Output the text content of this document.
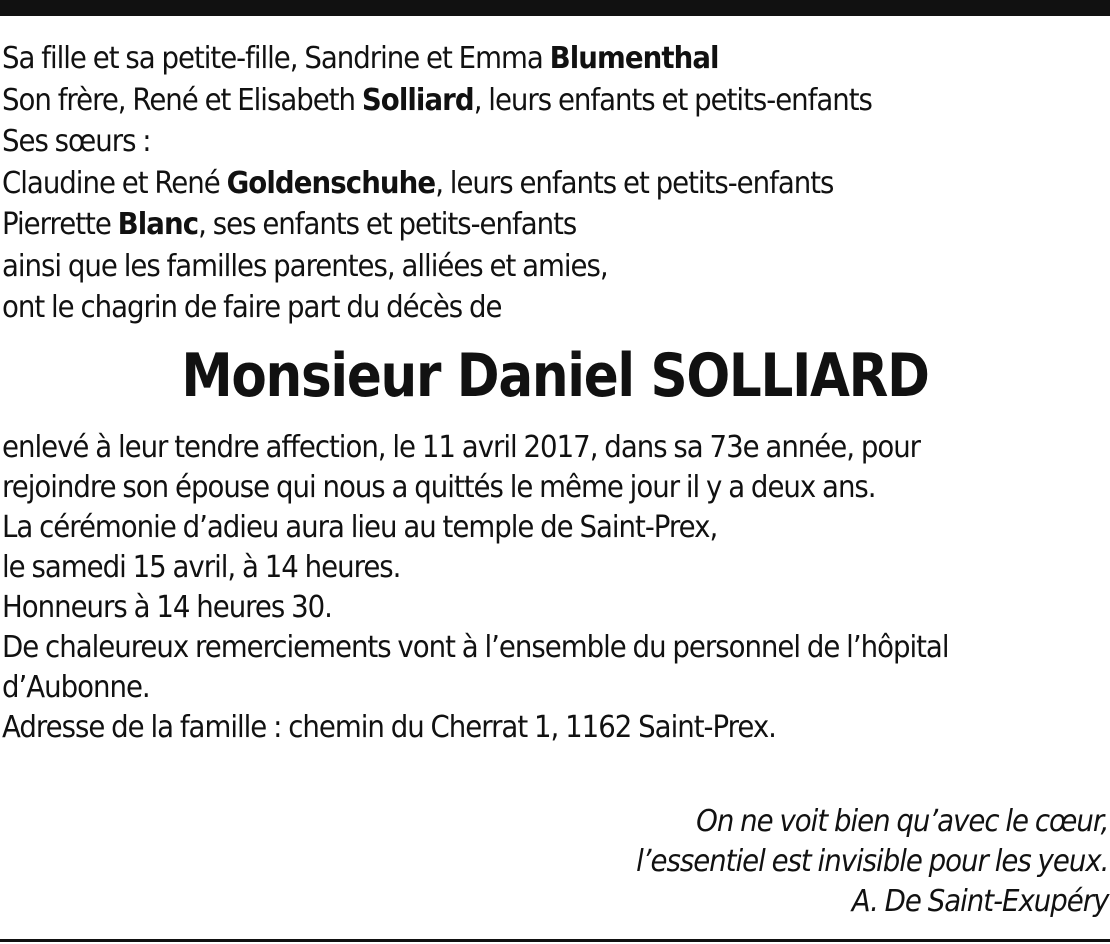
Sa fille et sa petite-fille, Sandrine et Emma Blumenthal
Son frère, René et Elisabeth Solliard, leurs enfants et petits-enfants
Ses sœurs :
Claudine et René Goldenschuhe, leurs enfants et petits-enfants
Pierrette Blanc, ses enfants et petits-enfants
ainsi que les familles parentes, alliées et amies,
ont le chagrin de faire part du décès de
Monsieur Daniel SOLLIARD
enlevé à leur tendre affection, le 11 avril 2017, dans sa 73e année, pour
rejoindre son épouse qui nous a quittés le même jour il y a deux ans.
La cérémonie d’adieu aura lieu au temple de Saint-Prex,
le samedi 15 avril, à 14 heures.
Honneurs à 14 heures 30.
De chaleureux remerciements vont à l’ensemble du personnel de l’hôpital
d’Aubonne.
Adresse de la famille : chemin du Cherrat 1, 1162 Saint-Prex.
On ne voit bien qu’avec le cœur,
l’essentiel est invisible pour les yeux.
A. De Saint-Exupéry
